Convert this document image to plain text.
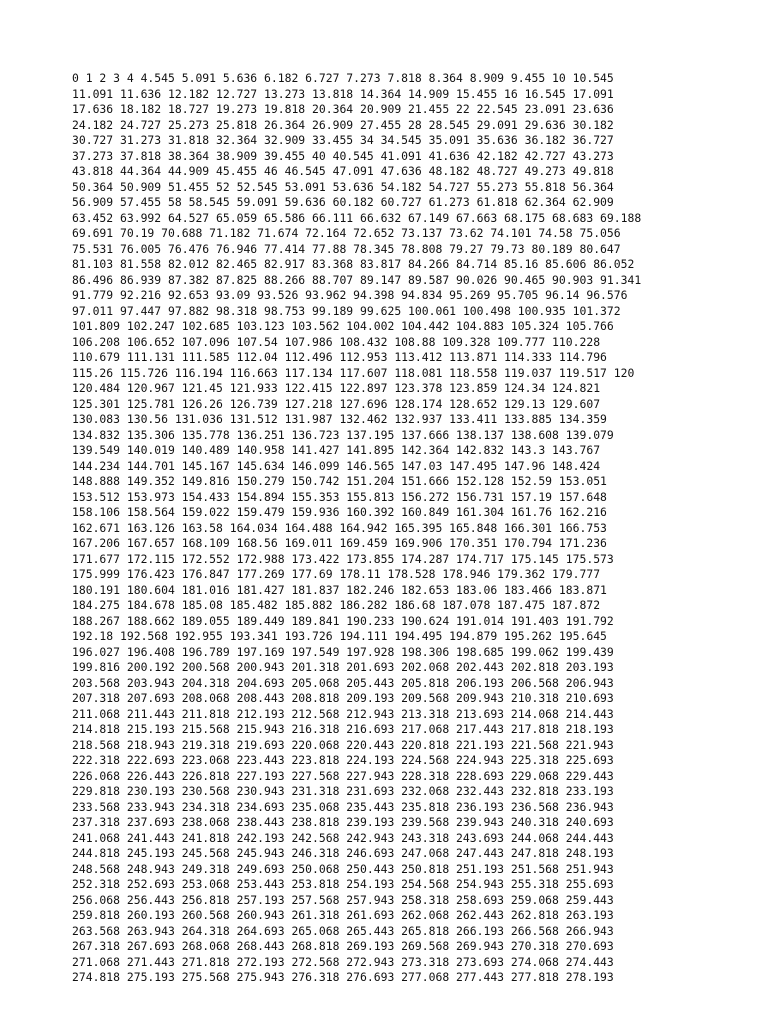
0 1 2 3 4 4.545 5.091 5.636 6.182 6.727 7.273 7.818 8.364 8.909 9.455 10 10.545
11.091 11.636 12.182 12.727 13.273 13.818 14.364 14.909 15.455 16 16.545 17.091
17.636 18.182 18.727 19.273 19.818 20.364 20.909 21.455 22 22.545 23.091 23.636
24.182 24.727 25.273 25.818 26.364 26.909 27.455 28 28.545 29.091 29.636 30.182
30.727 31.273 31.818 32.364 32.909 33.455 34 34.545 35.091 35.636 36.182 36.727
37.273 37.818 38.364 38.909 39.455 40 40.545 41.091 41.636 42.182 42.727 43.273
43.818 44.364 44.909 45.455 46 46.545 47.091 47.636 48.182 48.727 49.273 49.818
50.364 50.909 51.455 52 52.545 53.091 53.636 54.182 54.727 55.273 55.818 56.364
56.909 57.455 58 58.545 59.091 59.636 60.182 60.727 61.273 61.818 62.364 62.909
63.452 63.992 64.527 65.059 65.586 66.111 66.632 67.149 67.663 68.175 68.683 69.188
69.691 70.19 70.688 71.182 71.674 72.164 72.652 73.137 73.62 74.101 74.58 75.056
75.531 76.005 76.476 76.946 77.414 77.88 78.345 78.808 79.27 79.73 80.189 80.647
81.103 81.558 82.012 82.465 82.917 83.368 83.817 84.266 84.714 85.16 85.606 86.052
86.496 86.939 87.382 87.825 88.266 88.707 89.147 89.587 90.026 90.465 90.903 91.341
91.779 92.216 92.653 93.09 93.526 93.962 94.398 94.834 95.269 95.705 96.14 96.576
97.011 97.447 97.882 98.318 98.753 99.189 99.625 100.061 100.498 100.935 101.372
101.809 102.247 102.685 103.123 103.562 104.002 104.442 104.883 105.324 105.766
106.208 106.652 107.096 107.54 107.986 108.432 108.88 109.328 109.777 110.228
110.679 111.131 111.585 112.04 112.496 112.953 113.412 113.871 114.333 114.796
115.26 115.726 116.194 116.663 117.134 117.607 118.081 118.558 119.037 119.517 120
120.484 120.967 121.45 121.933 122.415 122.897 123.378 123.859 124.34 124.821
125.301 125.781 126.26 126.739 127.218 127.696 128.174 128.652 129.13 129.607
130.083 130.56 131.036 131.512 131.987 132.462 132.937 133.411 133.885 134.359
134.832 135.306 135.778 136.251 136.723 137.195 137.666 138.137 138.608 139.079
139.549 140.019 140.489 140.958 141.427 141.895 142.364 142.832 143.3 143.767
144.234 144.701 145.167 145.634 146.099 146.565 147.03 147.495 147.96 148.424
148.888 149.352 149.816 150.279 150.742 151.204 151.666 152.128 152.59 153.051
153.512 153.973 154.433 154.894 155.353 155.813 156.272 156.731 157.19 157.648
158.106 158.564 159.022 159.479 159.936 160.392 160.849 161.304 161.76 162.216
162.671 163.126 163.58 164.034 164.488 164.942 165.395 165.848 166.301 166.753
167.206 167.657 168.109 168.56 169.011 169.459 169.906 170.351 170.794 171.236
171.677 172.115 172.552 172.988 173.422 173.855 174.287 174.717 175.145 175.573
175.999 176.423 176.847 177.269 177.69 178.11 178.528 178.946 179.362 179.777
180.191 180.604 181.016 181.427 181.837 182.246 182.653 183.06 183.466 183.871
184.275 184.678 185.08 185.482 185.882 186.282 186.68 187.078 187.475 187.872
188.267 188.662 189.055 189.449 189.841 190.233 190.624 191.014 191.403 191.792
192.18 192.568 192.955 193.341 193.726 194.111 194.495 194.879 195.262 195.645
196.027 196.408 196.789 197.169 197.549 197.928 198.306 198.685 199.062 199.439
199.816 200.192 200.568 200.943 201.318 201.693 202.068 202.443 202.818 203.193
203.568 203.943 204.318 204.693 205.068 205.443 205.818 206.193 206.568 206.943
207.318 207.693 208.068 208.443 208.818 209.193 209.568 209.943 210.318 210.693
211.068 211.443 211.818 212.193 212.568 212.943 213.318 213.693 214.068 214.443
214.818 215.193 215.568 215.943 216.318 216.693 217.068 217.443 217.818 218.193
218.568 218.943 219.318 219.693 220.068 220.443 220.818 221.193 221.568 221.943
222.318 222.693 223.068 223.443 223.818 224.193 224.568 224.943 225.318 225.693
226.068 226.443 226.818 227.193 227.568 227.943 228.318 228.693 229.068 229.443
229.818 230.193 230.568 230.943 231.318 231.693 232.068 232.443 232.818 233.193
233.568 233.943 234.318 234.693 235.068 235.443 235.818 236.193 236.568 236.943
237.318 237.693 238.068 238.443 238.818 239.193 239.568 239.943 240.318 240.693
241.068 241.443 241.818 242.193 242.568 242.943 243.318 243.693 244.068 244.443
244.818 245.193 245.568 245.943 246.318 246.693 247.068 247.443 247.818 248.193
248.568 248.943 249.318 249.693 250.068 250.443 250.818 251.193 251.568 251.943
252.318 252.693 253.068 253.443 253.818 254.193 254.568 254.943 255.318 255.693
256.068 256.443 256.818 257.193 257.568 257.943 258.318 258.693 259.068 259.443
259.818 260.193 260.568 260.943 261.318 261.693 262.068 262.443 262.818 263.193
263.568 263.943 264.318 264.693 265.068 265.443 265.818 266.193 266.568 266.943
267.318 267.693 268.068 268.443 268.818 269.193 269.568 269.943 270.318 270.693
271.068 271.443 271.818 272.193 272.568 272.943 273.318 273.693 274.068 274.443
274.818 275.193 275.568 275.943 276.318 276.693 277.068 277.443 277.818 278.193
